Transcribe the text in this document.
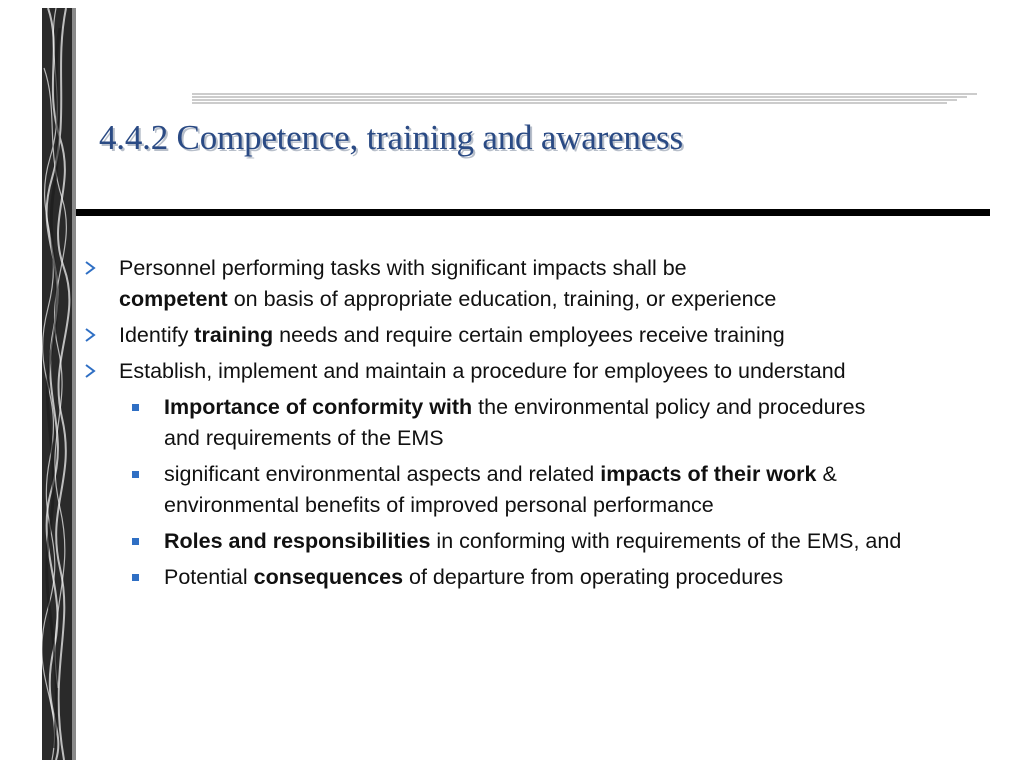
4.4.2 Competence, training and awareness
Personnel performing tasks with significant impacts shall be
competent on basis of appropriate education, training, or experience
Identify training needs and require certain employees receive training
Establish, implement and maintain a procedure for employees to understand
Importance of conformity with the environmental policy and procedures and requirements of the EMS
significant environmental aspects and related impacts of their work & environmental benefits of improved personal performance
Roles and responsibilities in conforming with requirements of the EMS, and
Potential consequences of departure from operating procedures
